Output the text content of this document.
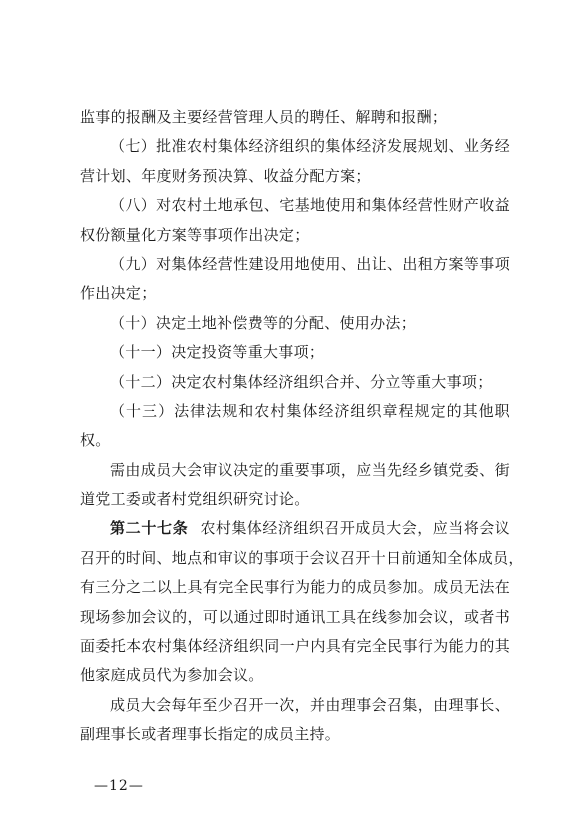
监事的报酬及主要经营管理人员的聘任、解聘和报酬；
（七）批准农村集体经济组织的集体经济发展规划、业务经
营计划、年度财务预决算、收益分配方案；
（八）对农村土地承包、宅基地使用和集体经营性财产收益
权份额量化方案等事项作出决定；
（九）对集体经营性建设用地使用、出让、出租方案等事项
作出决定；
（十）决定土地补偿费等的分配、使用办法；
（十一）决定投资等重大事项；
（十二）决定农村集体经济组织合并、分立等重大事项；
（十三）法律法规和农村集体经济组织章程规定的其他职
权。
需由成员大会审议决定的重要事项，应当先经乡镇党委、街
道党工委或者村党组织研究讨论。
第二十七条 农村集体经济组织召开成员大会，应当将会议
召开的时间、地点和审议的事项于会议召开十日前通知全体成员，
有三分之二以上具有完全民事行为能力的成员参加。成员无法在
现场参加会议的，可以通过即时通讯工具在线参加会议，或者书
面委托本农村集体经济组织同一户内具有完全民事行为能力的其
他家庭成员代为参加会议。
成员大会每年至少召开一次，并由理事会召集，由理事长、
副理事长或者理事长指定的成员主持。
—12—
